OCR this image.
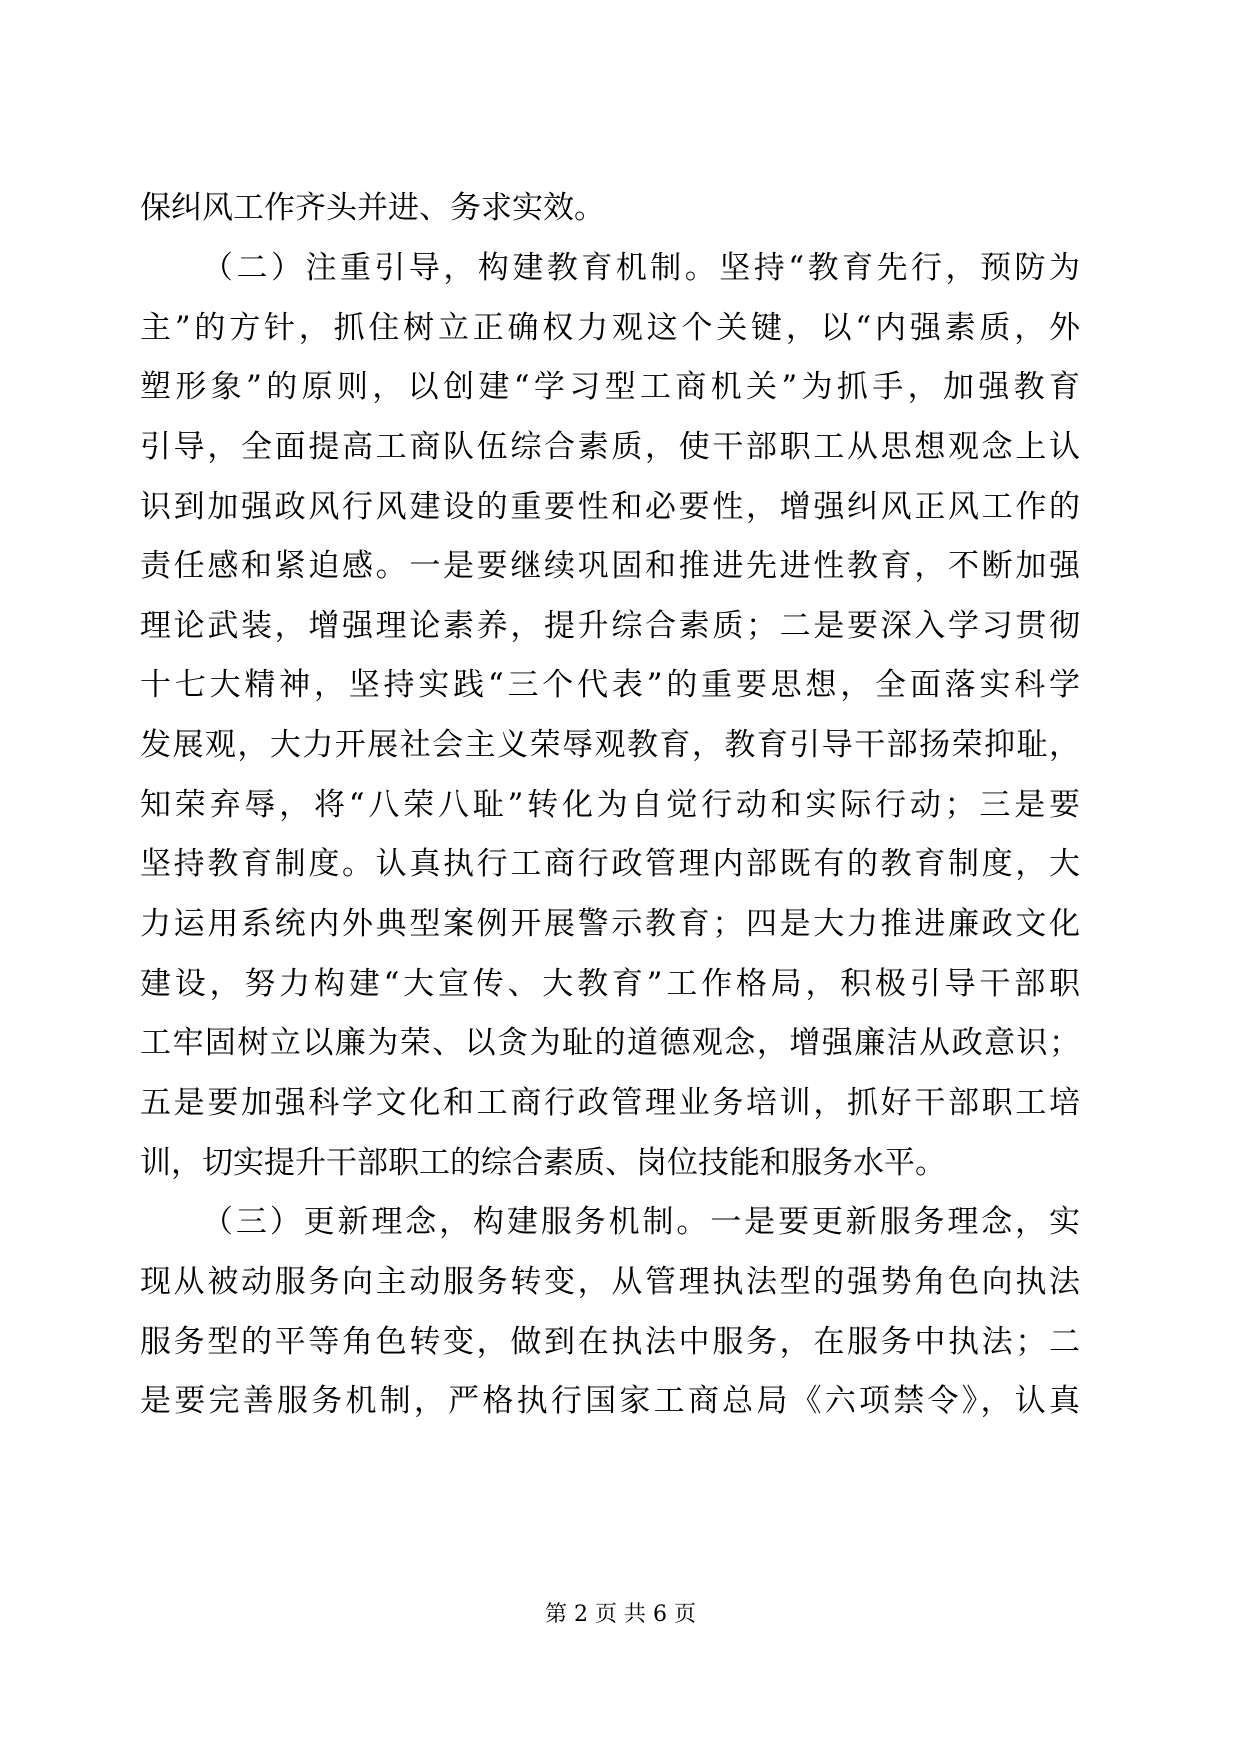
保纠风工作齐头并进、务求实效。
（二）注重引导，构建教育机制。坚持“教育先行，预防为
主”的方针，抓住树立正确权力观这个关键，以“内强素质，外
塑形象”的原则，以创建“学习型工商机关”为抓手，加强教育
引导，全面提高工商队伍综合素质，使干部职工从思想观念上认
识到加强政风行风建设的重要性和必要性，增强纠风正风工作的
责任感和紧迫感。一是要继续巩固和推进先进性教育，不断加强
理论武装，增强理论素养，提升综合素质；二是要深入学习贯彻
十七大精神，坚持实践“三个代表”的重要思想，全面落实科学
发展观，大力开展社会主义荣辱观教育，教育引导干部扬荣抑耻，
知荣弃辱，将“八荣八耻”转化为自觉行动和实际行动；三是要
坚持教育制度。认真执行工商行政管理内部既有的教育制度，大
力运用系统内外典型案例开展警示教育；四是大力推进廉政文化
建设，努力构建“大宣传、大教育”工作格局，积极引导干部职
工牢固树立以廉为荣、以贪为耻的道德观念，增强廉洁从政意识；
五是要加强科学文化和工商行政管理业务培训，抓好干部职工培
训，切实提升干部职工的综合素质、岗位技能和服务水平。
（三）更新理念，构建服务机制。一是要更新服务理念，实
现从被动服务向主动服务转变，从管理执法型的强势角色向执法
服务型的平等角色转变，做到在执法中服务，在服务中执法；二
是要完善服务机制，严格执行国家工商总局《六项禁令》，认真
第 2 页 共 6 页
